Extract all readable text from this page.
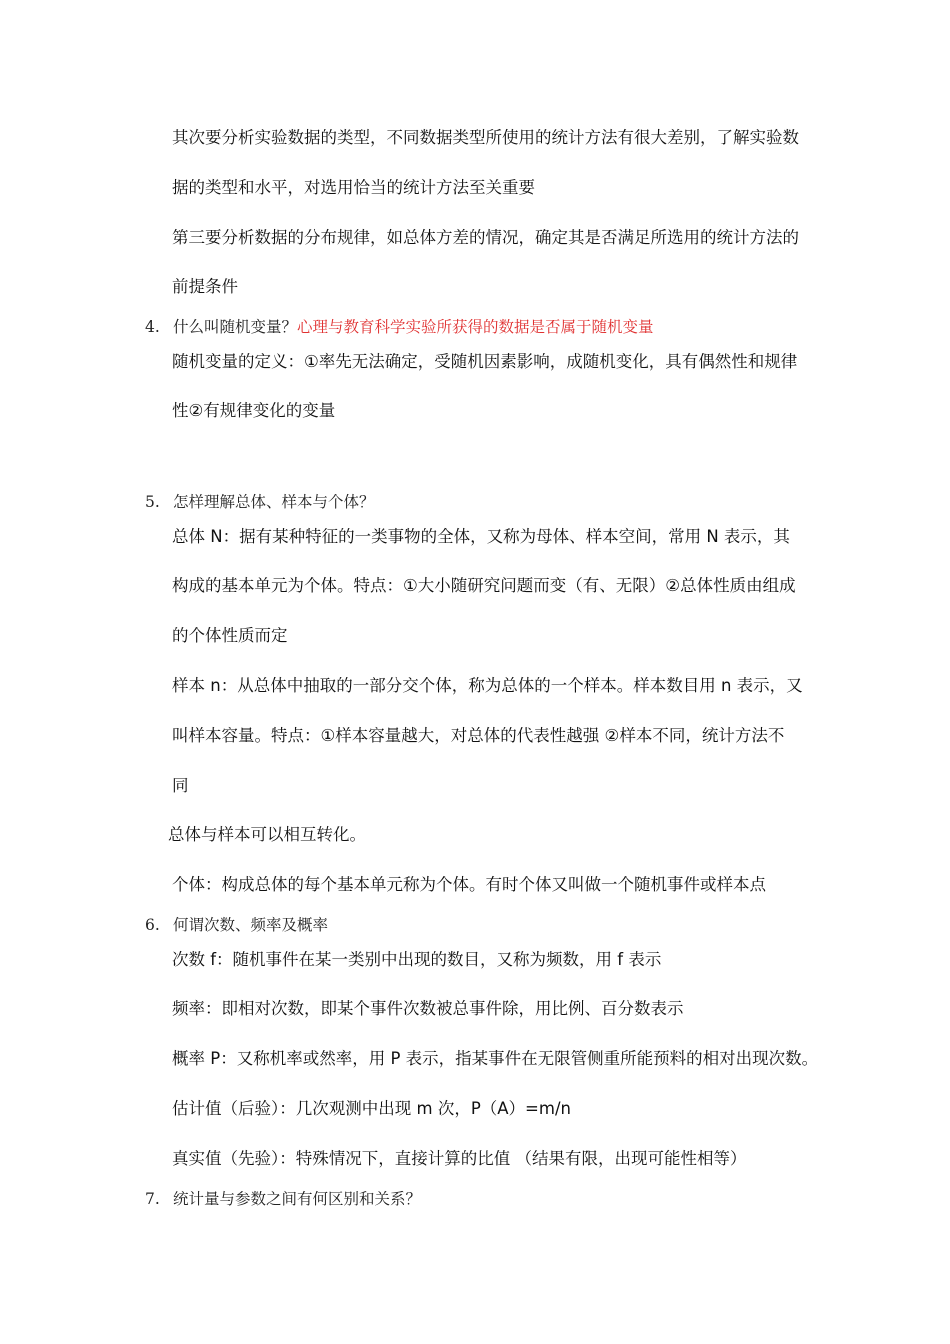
其次要分析实验数据的类型，不同数据类型所使用的统计方法有很大差别，了解实验数
据的类型和水平，对选用恰当的统计方法至关重要
第三要分析数据的分布规律，如总体方差的情况，确定其是否满足所选用的统计方法的
前提条件
4. 什么叫随机变量？心理与教育科学实验所获得的数据是否属于随机变量
随机变量的定义：①率先无法确定，受随机因素影响，成随机变化，具有偶然性和规律
性②有规律变化的变量
5. 怎样理解总体、样本与个体？
总体 N：据有某种特征的一类事物的全体，又称为母体、样本空间，常用 N 表示，其
构成的基本单元为个体。特点：①大小随研究问题而变（有、无限）②总体性质由组成
的个体性质而定
样本 n：从总体中抽取的一部分交个体，称为总体的一个样本。样本数目用 n 表示，又
叫样本容量。特点：①样本容量越大，对总体的代表性越强 ②样本不同，统计方法不
同
总体与样本可以相互转化。
个体：构成总体的每个基本单元称为个体。有时个体又叫做一个随机事件或样本点
6. 何谓次数、频率及概率
次数 f：随机事件在某一类别中出现的数目，又称为频数，用 f 表示
频率：即相对次数，即某个事件次数被总事件除，用比例、百分数表示
概率 P：又称机率或然率，用 P 表示，指某事件在无限管侧重所能预料的相对出现次数。
估计值（后验）：几次观测中出现 m 次，P（A）=m/n
真实值（先验）：特殊情况下，直接计算的比值 （结果有限，出现可能性相等）
7. 统计量与参数之间有何区别和关系？
